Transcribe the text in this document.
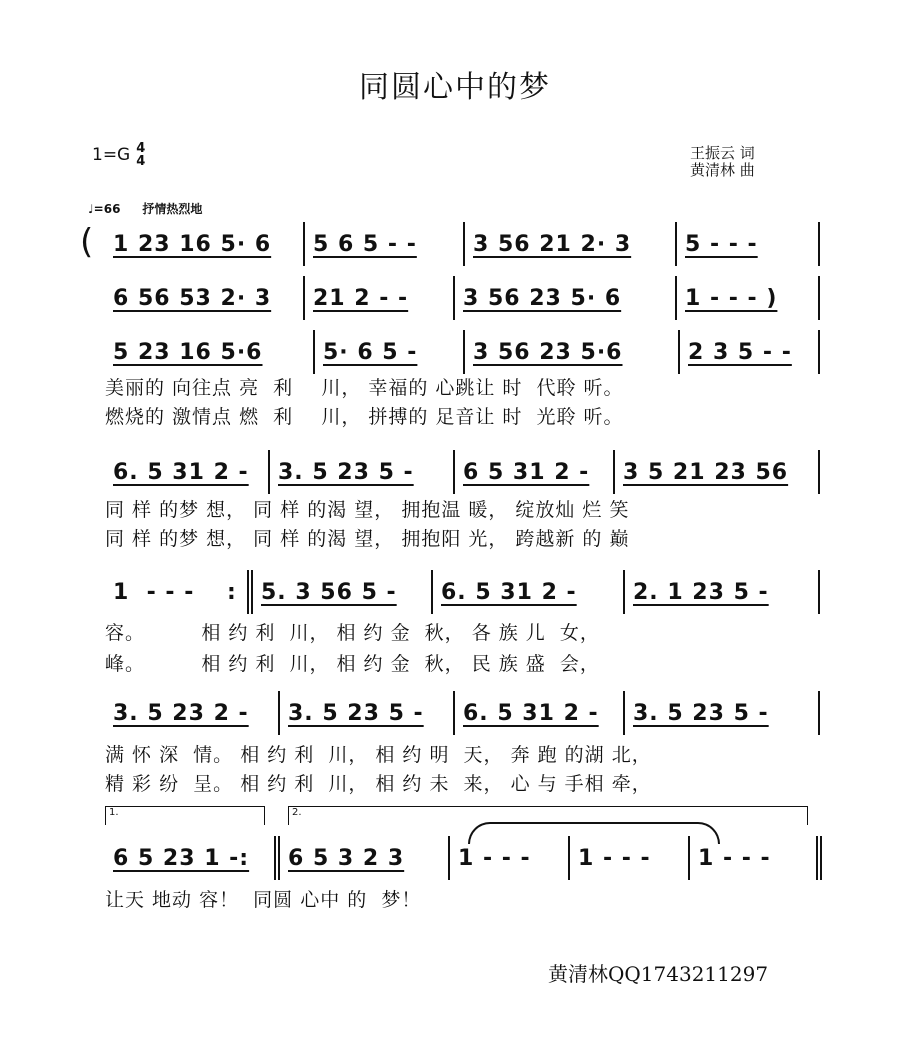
同圆心中的梦
1=G 4
4	王振云 词
黄清林 曲
♩=66 抒情热烈地
( 1 23 16 5· 6	5 6 5 - -	3 56 21 2· 3	5 - - -
6 56 53 2· 3	21 2 - -	3 56 23 5· 6	1 - - - )
5 23 16 5·6	5· 6 5 -	3 56 23 5·6	2 3 5 - -
美丽的 向往点 亮  利    川， 幸福的 心跳让 时  代聆 听。
燃烧的 激情点 燃  利    川， 拼搏的 足音让 时  光聆 听。
6. 5 31 2 -	3. 5 23 5 -	6 5 31 2 -	3 5 21 23 56
同 样 的梦 想， 同 样 的渴 望， 拥抱温 暖， 绽放灿 烂 笑
同 样 的梦 想， 同 样 的渴 望， 拥抱阳 光， 跨越新 的 巅
1  - - -	:	5. 3 56 5 -	6. 5 31 2 -	2. 1 23 5 -
容。        相 约 利  川， 相 约 金  秋， 各 族 儿  女，
峰。        相 约 利  川， 相 约 金  秋， 民 族 盛  会，
3. 5 23 2 -	3. 5 23 5 -	6. 5 31 2 -	3. 5 23 5 -
满 怀 深  情。 相 约 利  川， 相 约 明  天， 奔 跑 的湖 北，
精 彩 纷  呈。 相 约 利  川， 相 约 未  来， 心 与 手相 牵，
1.	2.
6 5 23 1 -:	6 5 3 2 3	1 - - -	1 - - -	1 - - -
让天 地动 容！  同圆 心中 的  梦！
黄清林QQ1743211297
